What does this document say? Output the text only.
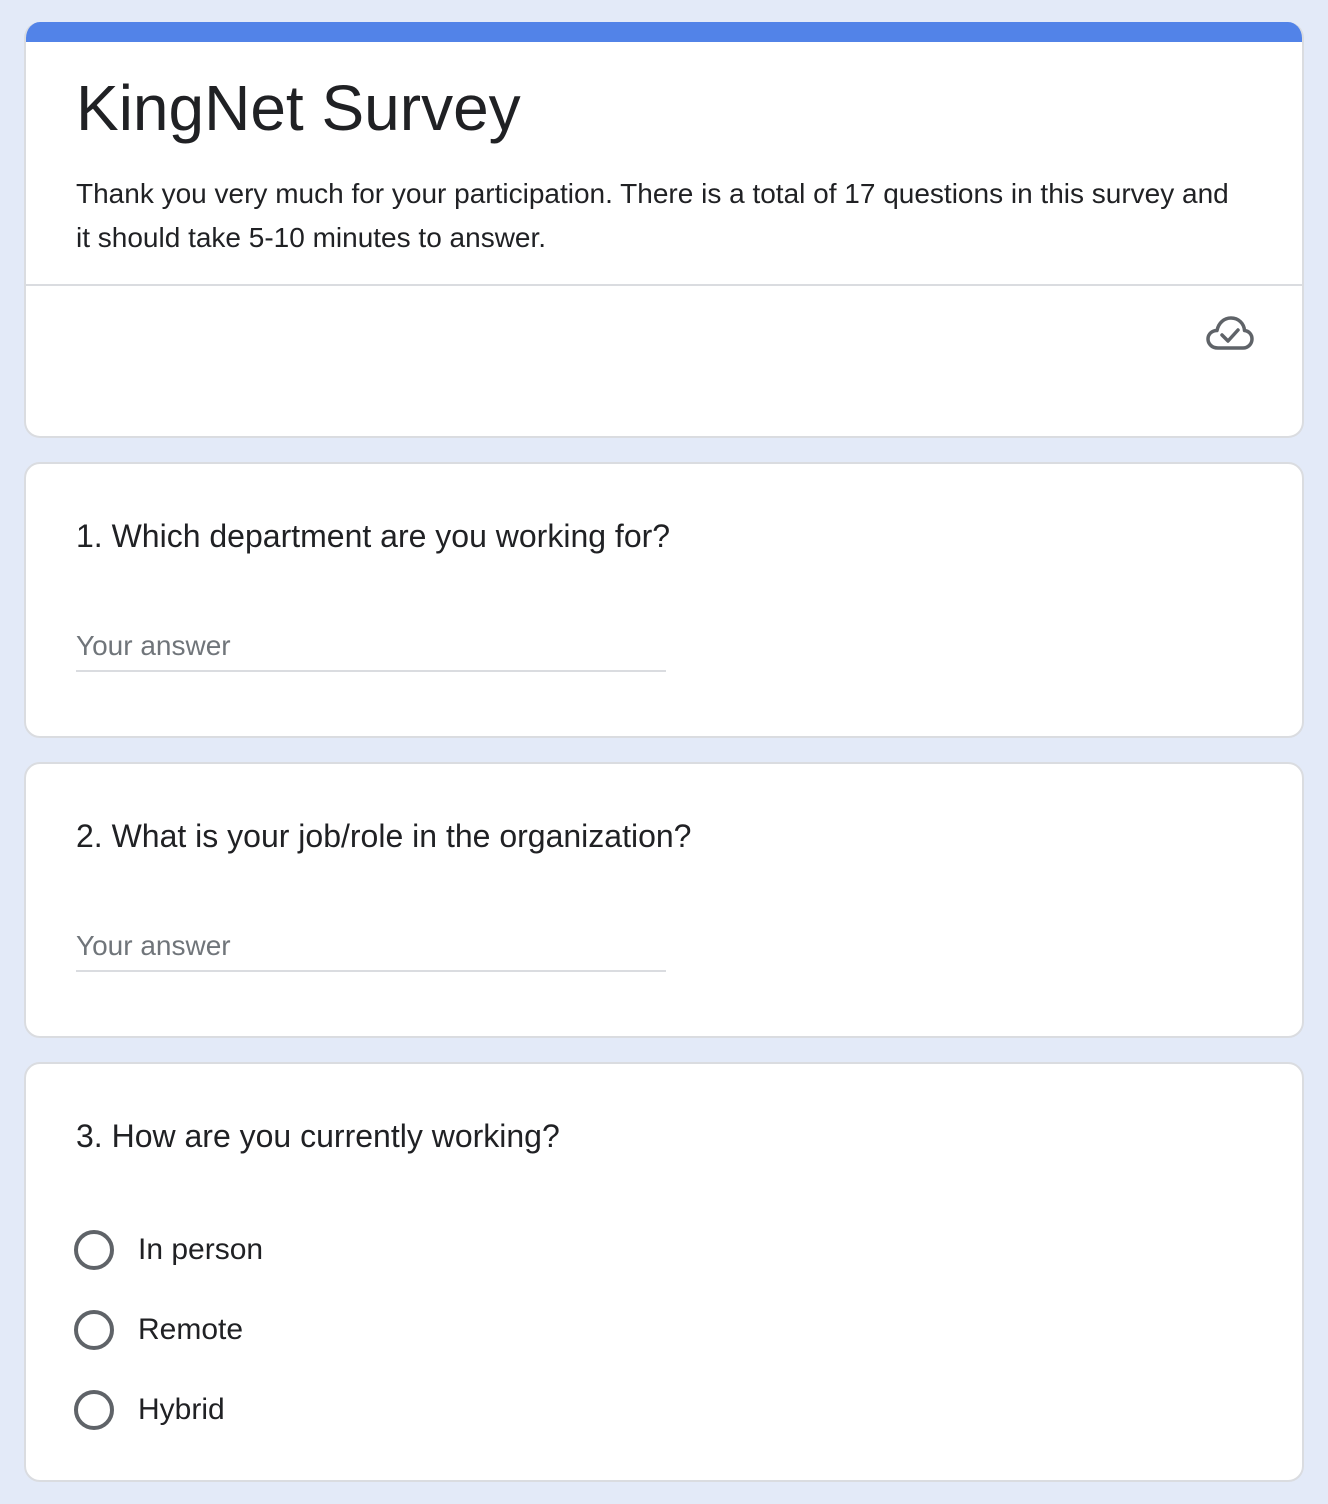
KingNet Survey
Thank you very much for your participation. There is a total of 17 questions in this survey and it should take 5-10 minutes to answer.
1. Which department are you working for?
Your answer
2. What is your job/role in the organization?
Your answer
3. How are you currently working?
In person
Remote
Hybrid
